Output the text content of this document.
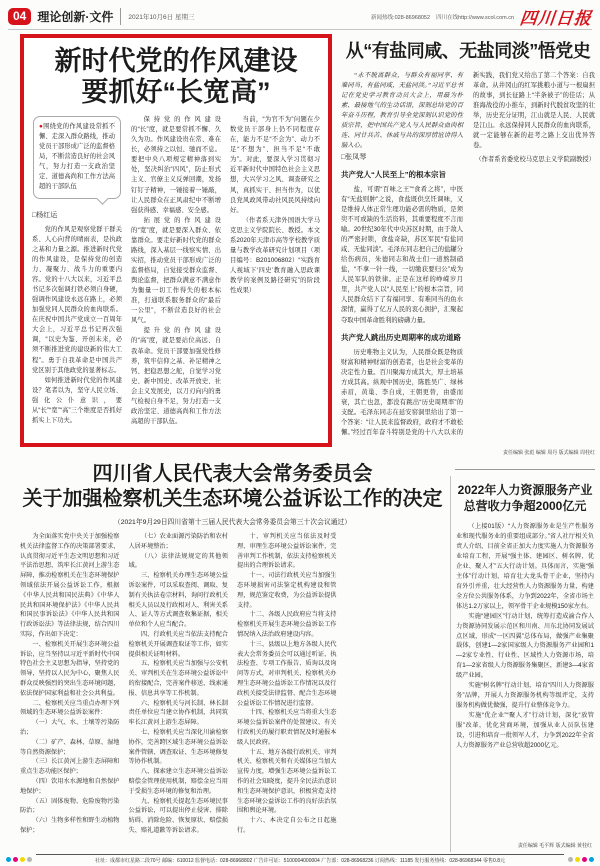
04 理论创新·文件	2021年10月6日 星期三	新闻热线:028-86968052 四川在线http://www.scol.com.cn 四川日报
新时代党的作风建设
要抓好“长宽高”
●围绕党的作风建设常抓不懈、走深入群众路线，推动党员干部形成广泛的监督格局，不断营造良好的社会风气，努力打造一支政治坚定、道德高尚和工作方法高超的干部队伍

□杨红运

党的作风是观察党群干群关系、人心向背的晴雨表，是执政之基和力量之源。推进新时代党的作风建设，是保持党的创造力、凝聚力、战斗力的重要内容。党的十八大以来，习近平总书记多次强调打铁必须自身硬，强调作风建设永远在路上，必须加强党同人民群众的血肉联系。在庆祝中国共产党成立一百周年大会上，习近平总书记再次强调，“以史为鉴、开创未来，必须不断推进党的建设新的伟大工程”。勇于自我革命是中国共产党区别于其他政党的显著标志。

如何推进新时代党的作风建设？笔者以为，坚守人民立场、强化公仆意识，要从“长”“宽”“高”三个维度是否抓好抓实上下功夫。

保持党的作风建设的“长”度，就是要常抓不懈、久久为功。作风建设贵在常、难在长，必须持之以恒、驰而不息。要把中央八项规定精神落到实处，坚决纠治“四风”，防止形式主义、官僚主义反弹回潮，发扬钉钉子精神，一锤接着一锤敲，让人民群众在正风肃纪中不断增强获得感、幸福感、安全感。

拓展党的作风建设的“宽”度，就是要深入群众、依靠群众。要走好新时代党的群众路线，深入基层一线察实情、出实招，推动党员干部形成广泛的监督格局，自觉接受群众监督、舆论监督，把群众满意不满意作为衡量一切工作得失的根本标准，打通联系服务群众的“最后一公里”，不断营造良好的社会风气。

提升党的作风建设的“高”度，就是要站位高远、自我革命。党员干部要加强党性修养，筑牢信仰之基、补足精神之钙、把稳思想之舵，自觉学习党史、新中国史、改革开放史、社会主义发展史，以刀刃向内的勇气检视自身不足，努力打造一支政治坚定、道德高尚和工作方法高超的干部队伍。

当前，“为官不为”问题在少数党员干部身上仍不同程度存在，能力不足“不会为”、动力不足“不想为”、担当不足“不敢为”。对此，要深入学习贯彻习近平新时代中国特色社会主义思想，大兴学习之风、调查研究之风，真抓实干、担当作为，以优良党风政风带动社风民风持续向好。

（作者系天津外国语大学马克思主义学院院长、教授。本文系2020年天津市高等学校教学质量与教学改革研究计划项目（项目编号：B201006802）“实践育人视域下‘四史’教育融入思政课教学的案例及路径研究”的阶段性成果）

从“有盐同咸、无盐同淡”悟党史

“永不脱离群众，与群众有福同享、有难同当，有盐同咸，无盐同淡。”习近平总书记在党史学习教育动员大会上，用最为朴素、最接地气的生动话语，深刻总结党的百年奋斗历程，教育引导全党深刻认识党的性质宗旨，把中国共产党人与人民群众血肉相连、同甘共苦、休戚与共的深厚情谊讲得入脑入心。

□张凤琴

共产党人“人民至上”的根本宗旨

盐，可谓“百味之王”“食肴之将”，中医有“无盐则肿”之说，食盐既供烹饪调味，又是维持人体正常生理功能必需的物质，是须臾不可或缺的生活资料，其重要程度不言而喻。20世纪30年代中央苏区时期，由于敌人的严密封锁，食盐奇缺，苏区军民“有盐同咸、无盐同淡”。毛泽东同志把自己的盐罐分给伤病员，朱德同志和战士们一道熬制硝盐，“不拿一针一线，一切缴获要归公”成为人民军队的铁律。正是在这样的峥嵘岁月里，共产党人以“人民至上”的根本宗旨，同人民群众结下了有福同享、有难同当的鱼水深情，赢得了亿万人民的衷心拥护，汇聚起夺取中国革命胜利的磅礴力量。

共产党人跳出历史周期率的成功道路

历史唯物主义认为，人民群众既是物质财富和精神财富的创造者，也是社会变革的决定性力量。百川聚海方成其大，厚土培基方成其高。纵观中国历史，陈胜吴广、绿林赤眉，黄巢、李自成，王朝更替，由盛而衰，其亡也忽，都没有跳出“历史周期率”的支配。毛泽东同志在延安窑洞里给出了第一个答案：“让人民来监督政府，政府才不敢松懈。”经过百年奋斗特别是党的十八大以来的新实践，我们党又给出了第二个答案：自我革命。从井冈山的红军挑粮小道与一根扁担的故事，到长征路上“半条被子”的佳话；从淮海战役的小推车，到新时代脱贫攻坚的壮举，历史充分证明，江山就是人民、人民就是江山。永远保持同人民群众的血肉联系，就一定能够在新的赶考之路上交出优异答卷。

（作者系省委党校马克思主义学院副教授）

责任编辑 张彪 编辑 周丹 版式编辑 周桂红
四川省人民代表大会常务委员会
关于加强检察机关生态环境公益诉讼工作的决定
（2021年9月29日四川省第十三届人民代表大会常务委员会第三十次会议通过）

为全面落实党中央关于加强检察机关法律监督工作的决策部署要求，认真贯彻习近平生态文明思想和习近平法治思想，筑牢长江黄河上游生态屏障，推动检察机关在生态环境保护领域依法开展公益诉讼工作，根据《中华人民共和国民法典》《中华人民共和国环境保护法》《中华人民共和国民事诉讼法》《中华人民共和国行政诉讼法》等法律法规，结合四川实际，作出如下决定：

一、检察机关开展生态环境公益诉讼，应当坚持以习近平新时代中国特色社会主义思想为指导，坚持党的领导，坚持以人民为中心，聚焦人民群众反映强烈的突出生态环境问题，依法保护国家利益和社会公共利益。

二、检察机关应当重点办理下列领域的生态环境公益诉讼案件：

（一）大气、水、土壤等污染防治；

（二）矿产、森林、草原、湿地等自然资源保护；

（三）长江黄河上游生态屏障和重点生态功能区保护；

（四）饮用水水源地和自然保护地保护；

（五）固体废物、危险废物污染防治；

（六）生物多样性和野生动植物保护；

（七）农业面源污染防治和农村人居环境整治；

（八）法律法规规定的其他领域。

三、检察机关办理生态环境公益诉讼案件，可以采取查阅、调取、复制有关执法卷宗材料，询问行政机关相关人员以及行政相对人、利害关系人、证人等方式调查收集证据，相关单位和个人应当配合。

四、行政机关应当依法支持配合检察机关开展调查取证等工作，如实提供相关证明材料。

五、检察机关应当加强与公安机关、审判机关在生态环境公益诉讼中的衔接配合，完善案件移送、线索通报、信息共享等工作机制。

六、检察机关与河长制、林长制责任单位应当建立协作机制，共同筑牢长江黄河上游生态屏障。

七、检察机关应当深化川渝检察协作，完善跨区域生态环境公益诉讼案件管辖、调查取证、生态环境修复等协作机制。

八、探索建立生态环境公益诉讼赔偿金管理使用机制，赔偿金应当用于受损生态环境的修复和治理。

九、检察机关提起生态环境民事公益诉讼，可以提出停止侵害、排除妨碍、消除危险、恢复原状、赔偿损失、赔礼道歉等诉讼请求。

十、审判机关应当依法及时受理、审理生态环境公益诉讼案件，完善审判工作机制，依法支持检察机关提出的合理诉讼请求。

十一、司法行政机关应当加强生态环境损害司法鉴定机构建设和管理，规范鉴定收费，为公益诉讼提供支持。

十二、各级人民政府应当将支持检察机关开展生态环境公益诉讼工作情况纳入法治政府建设内容。

十三、县级以上地方各级人民代表大会常务委员会可以通过听证、执法检查、专项工作报告、质询以及询问等方式，对审判机关、检察机关办理生态环境公益诉讼工作情况以及行政机关接受法律监督、配合生态环境公益诉讼工作情况进行监督。

十四、检察机关应当将重大生态环境公益诉讼案件的处置建议、有关行政机关的履行职责情况及时通报本级人民政府。

十五、地方各级行政机关、审判机关、检察机关和有关媒体应当加大宣传力度，增强生态环境公益诉讼工作的社会知晓度，提升全民法治意识和生态环境保护意识，积极营造支持生态环境公益诉讼工作的良好法治氛围和舆论环境。

十六、本决定自公布之日起施行。

2022年人力资源服务产业
总营收力争超2000亿元

（上接01版）“人力资源服务业是生产性服务业和现代服务业的重要组成部分。”省人社厅相关负责人介绍，目前全省正加大力度实施人力资源服务业培育工程，开展“强主体、建园区、树名牌、优企业、聚人才”五大行动计划。具体而言，实施“强主体”行动计划，培育壮大龙头骨干企业，坚持内育外引并重，壮大经营性人力资源服务力量，构建全方位公共服务体系，力争到2022年，全省市场主体达1.2万家以上，领军骨干企业规模150家左右。

实施“建园区”行动计划，统筹打造成渝合作人力资源协同发展示范区和川南、川东北协同发展试点区域，形成“一区四翼”总体布局，做强产业集聚载体，创建1—2家国家级人力资源服务产业园和1—2家专业性、行业性、区域性人力资源市场，培育1—2家省级人力资源服务集聚区，新建3—4家省级产业园。

实施“树名牌”行动计划，培育“四川人力资源服务”品牌，开展人力资源服务机构等级评定，支持服务机构做优做强，提升行业整体竞争力。

实施“优企业”“聚人才”行动计划，深化“放管服”改革，优化营商环境，加强从业人员队伍建设，引进和培育一批领军人才，力争到2022年全省人力资源服务产业总营收超2000亿元。

责任编辑 毛平辉 版式编辑 黄桂红
社址：成都市红星路二段70号 邮编：610012 监督电话：028-86968802 广告许可证：5100004000004 广告部：028-86968236 订阅热线：11185 发行服务热线：028-86968344 零售0.8元
